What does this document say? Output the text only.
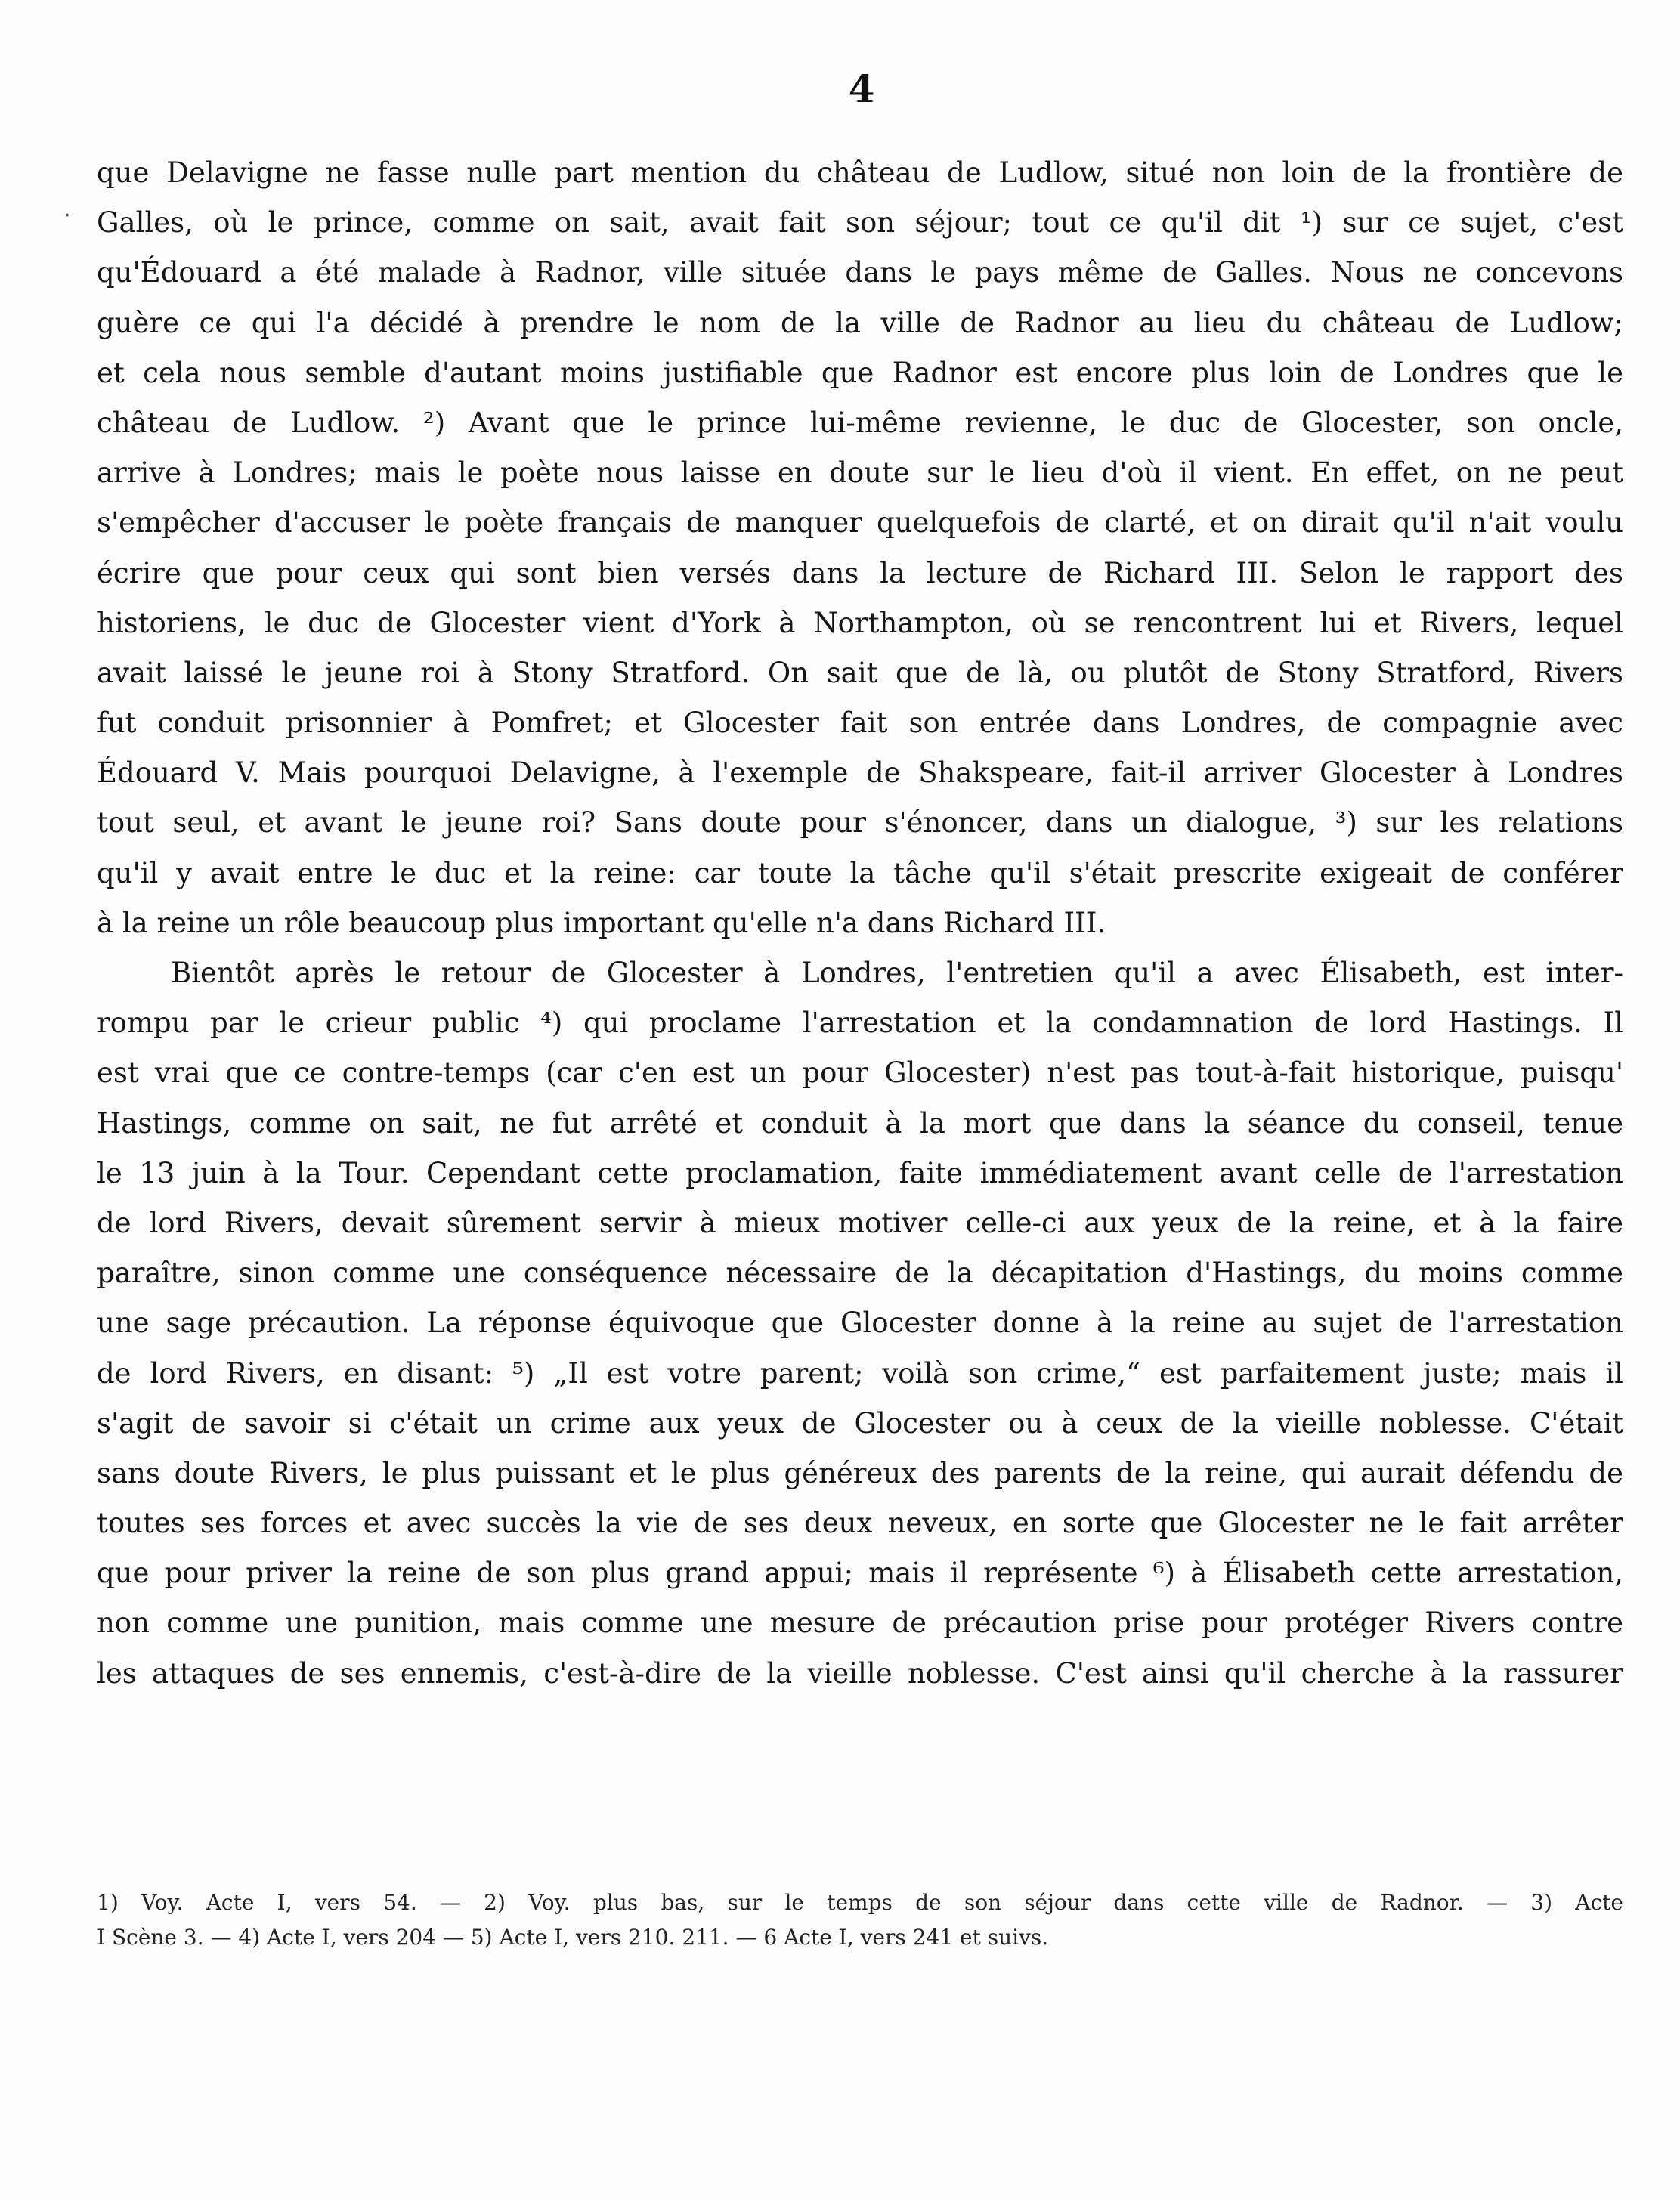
4
·
que Delavigne ne fasse nulle part mention du château de Ludlow, situé non loin de la frontière de
Galles, où le prince, comme on sait, avait fait son séjour; tout ce qu'il dit ¹) sur ce sujet, c'est
qu'Édouard a été malade à Radnor, ville située dans le pays même de Galles. Nous ne concevons
guère ce qui l'a décidé à prendre le nom de la ville de Radnor au lieu du château de Ludlow;
et cela nous semble d'autant moins justifiable que Radnor est encore plus loin de Londres que le
château de Ludlow. ²) Avant que le prince lui-même revienne, le duc de Glocester, son oncle,
arrive à Londres; mais le poète nous laisse en doute sur le lieu d'où il vient. En effet, on ne peut
s'empêcher d'accuser le poète français de manquer quelquefois de clarté, et on dirait qu'il n'ait voulu
écrire que pour ceux qui sont bien versés dans la lecture de Richard III. Selon le rapport des
historiens, le duc de Glocester vient d'York à Northampton, où se rencontrent lui et Rivers, lequel
avait laissé le jeune roi à Stony Stratford. On sait que de là, ou plutôt de Stony Stratford, Rivers
fut conduit prisonnier à Pomfret; et Glocester fait son entrée dans Londres, de compagnie avec
Édouard V. Mais pourquoi Delavigne, à l'exemple de Shakspeare, fait-il arriver Glocester à Londres
tout seul, et avant le jeune roi? Sans doute pour s'énoncer, dans un dialogue, ³) sur les relations
qu'il y avait entre le duc et la reine: car toute la tâche qu'il s'était prescrite exigeait de conférer
à la reine un rôle beaucoup plus important qu'elle n'a dans Richard III.
Bientôt après le retour de Glocester à Londres, l'entretien qu'il a avec Élisabeth, est inter-
rompu par le crieur public ⁴) qui proclame l'arrestation et la condamnation de lord Hastings. Il
est vrai que ce contre-temps (car c'en est un pour Glocester) n'est pas tout-à-fait historique, puisqu'
Hastings, comme on sait, ne fut arrêté et conduit à la mort que dans la séance du conseil, tenue
le 13 juin à la Tour. Cependant cette proclamation, faite immédiatement avant celle de l'arrestation
de lord Rivers, devait sûrement servir à mieux motiver celle-ci aux yeux de la reine, et à la faire
paraître, sinon comme une conséquence nécessaire de la décapitation d'Hastings, du moins comme
une sage précaution. La réponse équivoque que Glocester donne à la reine au sujet de l'arrestation
de lord Rivers, en disant: ⁵) „Il est votre parent; voilà son crime,“ est parfaitement juste; mais il
s'agit de savoir si c'était un crime aux yeux de Glocester ou à ceux de la vieille noblesse. C'était
sans doute Rivers, le plus puissant et le plus généreux des parents de la reine, qui aurait défendu de
toutes ses forces et avec succès la vie de ses deux neveux, en sorte que Glocester ne le fait arrêter
que pour priver la reine de son plus grand appui; mais il représente ⁶) à Élisabeth cette arrestation,
non comme une punition, mais comme une mesure de précaution prise pour protéger Rivers contre
les attaques de ses ennemis, c'est-à-dire de la vieille noblesse. C'est ainsi qu'il cherche à la rassurer
1) Voy. Acte I, vers 54. — 2) Voy. plus bas, sur le temps de son séjour dans cette ville de Radnor. — 3) Acte
I Scène 3. — 4) Acte I, vers 204 — 5) Acte I, vers 210. 211. — 6 Acte I, vers 241 et suivs.
